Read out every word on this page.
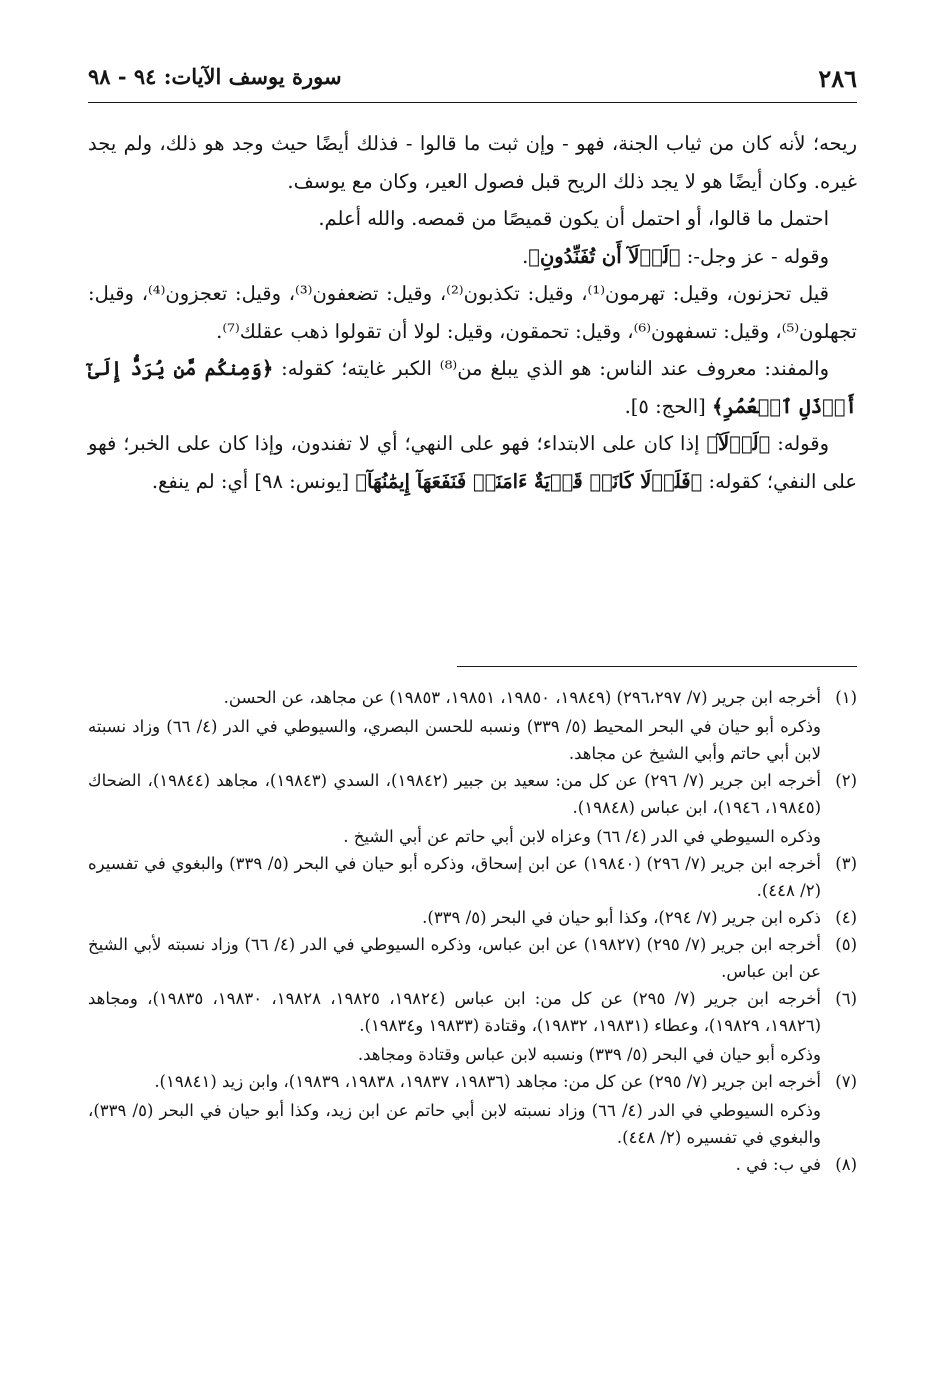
٢٨٦
سورة يوسف الآيات: ٩٤ - ٩٨

ريحه؛ لأنه كان من ثياب الجنة، فهو - وإن ثبت ما قالوا - فذلك أيضًا حيث وجد هو ذلك، ولم يجد غيره. وكان أيضًا هو لا يجد ذلك الريح قبل فصول العير، وكان مع يوسف.

احتمل ما قالوا، أو احتمل أن يكون قميصًا من قمصه. والله أعلم.

وقوله - عز وجل-: ﴿لَوۡلَآ أَن تُفَنِّدُونِ﴾.

قيل تحزنون، وقيل: تهرمون⁽¹⁾، وقيل: تكذبون⁽²⁾، وقيل: تضعفون⁽³⁾، وقيل: تعجزون⁽⁴⁾، وقيل: تجهلون⁽⁵⁾، وقيل: تسفهون⁽⁶⁾، وقيل: تحمقون، وقيل: لولا أن تقولوا ذهب عقلك⁽⁷⁾.

والمفند: معروف عند الناس: هو الذي يبلغ من⁽⁸⁾ الكبر غايته؛ كقوله: ﴿وَمِنكُم مَّن يُرَدُّ إِلَىٰٓ أَرۡذَلِ ٱلۡعُمُرِ﴾ [الحج: ٥].

وقوله: ﴿لَوۡلَآ﴾ إذا كان على الابتداء؛ فهو على النهي؛ أي لا تفندون، وإذا كان على الخبر؛ فهو على النفي؛ كقوله: ﴿فَلَوۡلَا كَانَتۡ قَرۡيَةٌ ءَامَنَتۡ فَنَفَعَهَآ إِيمَٰنُهَآ﴾ [يونس: ٩٨] أي: لم ينفع.

(١)

أخرجه ابن جرير (٧/ ٢٩٦،٢٩٧) (١٩٨٤٩، ١٩٨٥٠، ١٩٨٥١، ١٩٨٥٣) عن مجاهد، عن الحسن.

وذكره أبو حيان في البحر المحيط (٥/ ٣٣٩) ونسبه للحسن البصري، والسيوطي في الدر (٤/ ٦٦) وزاد نسبته لابن أبي حاتم وأبي الشيخ عن مجاهد.

(٢)

أخرجه ابن جرير (٧/ ٢٩٦) عن كل من: سعيد بن جبير (١٩٨٤٢)، السدي (١٩٨٤٣)، مجاهد (١٩٨٤٤)، الضحاك (١٩٨٤٥، ١٩٤٦)، ابن عباس (١٩٨٤٨).

وذكره السيوطي في الدر (٤/ ٦٦) وعزاه لابن أبي حاتم عن أبي الشيخ .

(٣)

أخرجه ابن جرير (٧/ ٢٩٦) (١٩٨٤٠) عن ابن إسحاق، وذكره أبو حيان في البحر (٥/ ٣٣٩) والبغوي في تفسيره (٢/ ٤٤٨).

(٤)

ذكره ابن جرير (٧/ ٢٩٤)، وكذا أبو حيان في البحر (٥/ ٣٣٩).

(٥)

أخرجه ابن جرير (٧/ ٢٩٥) (١٩٨٢٧) عن ابن عباس، وذكره السيوطي في الدر (٤/ ٦٦) وزاد نسبته لأبي الشيخ عن ابن عباس.

(٦)

أخرجه ابن جرير (٧/ ٢٩٥) عن كل من: ابن عباس (١٩٨٢٤، ١٩٨٢٥، ١٩٨٢٨، ١٩٨٣٠، ١٩٨٣٥)، ومجاهد (١٩٨٢٦، ١٩٨٢٩)، وعطاء (١٩٨٣١، ١٩٨٣٢)، وقتادة (١٩٨٣٣ و١٩٨٣٤).

وذكره أبو حيان في البحر (٥/ ٣٣٩) ونسبه لابن عباس وقتادة ومجاهد.

(٧)

أخرجه ابن جرير (٧/ ٢٩٥) عن كل من: مجاهد (١٩٨٣٦، ١٩٨٣٧، ١٩٨٣٨، ١٩٨٣٩)، وابن زيد (١٩٨٤١).

وذكره السيوطي في الدر (٤/ ٦٦) وزاد نسبته لابن أبي حاتم عن ابن زيد، وكذا أبو حيان في البحر (٥/ ٣٣٩)، والبغوي في تفسيره (٢/ ٤٤٨).

(٨)

في ب: في .
